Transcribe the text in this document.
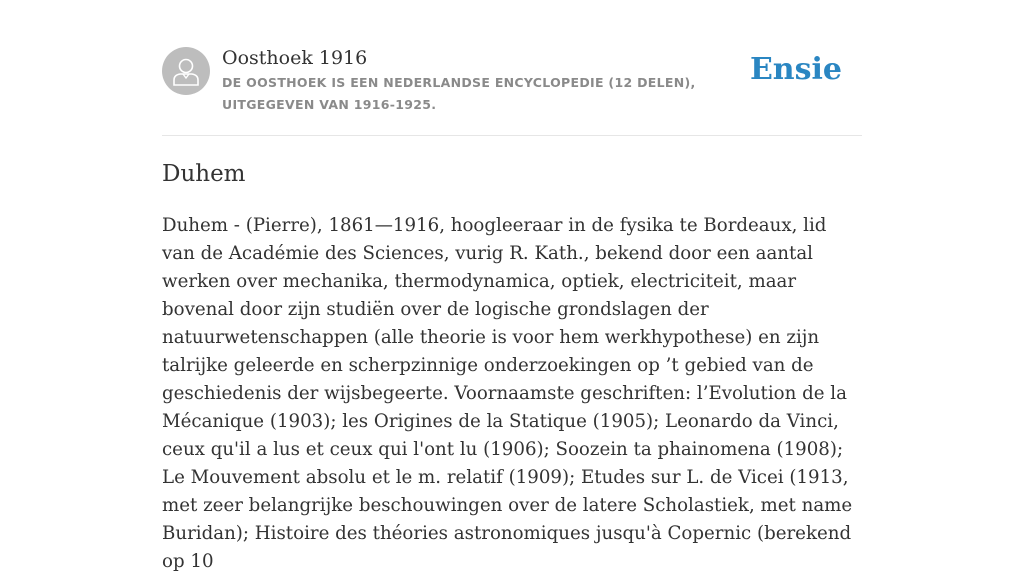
Oosthoek 1916
DE OOSTHOEK IS EEN NEDERLANDSE ENCYCLOPEDIE (12 DELEN), UITGEGEVEN VAN 1916-1925.
Ensie
Duhem

Duhem - (Pierre), 1861—1916, hoogleeraar in de fysika te Bordeaux, lid van de Académie des Sciences, vurig R. Kath., bekend door een aantal werken over mechanika, thermodynamica, optiek, electriciteit, maar bovenal door zijn studiën over de logische grondslagen der natuurwetenschappen (alle theorie is voor hem werkhypothese) en zijn talrijke geleerde en scherpzinnige onderzoekingen op ’t gebied van de geschiedenis der wijsbegeerte. Voornaamste geschriften: l’Evolution de la Mécanique (1903); les Origines de la Statique (1905); Leonardo da Vinci, ceux qu'il a lus et ceux qui l'ont lu (1906); Soozein ta phainomena (1908); Le Mouvement absolu et le m. relatif (1909); Etudes sur L. de Vicei (1913, met zeer belangrijke beschouwingen over de latere Scholastiek, met name Buridan); Histoire des théories astronomiques jusqu'à Copernic (berekend op 10
